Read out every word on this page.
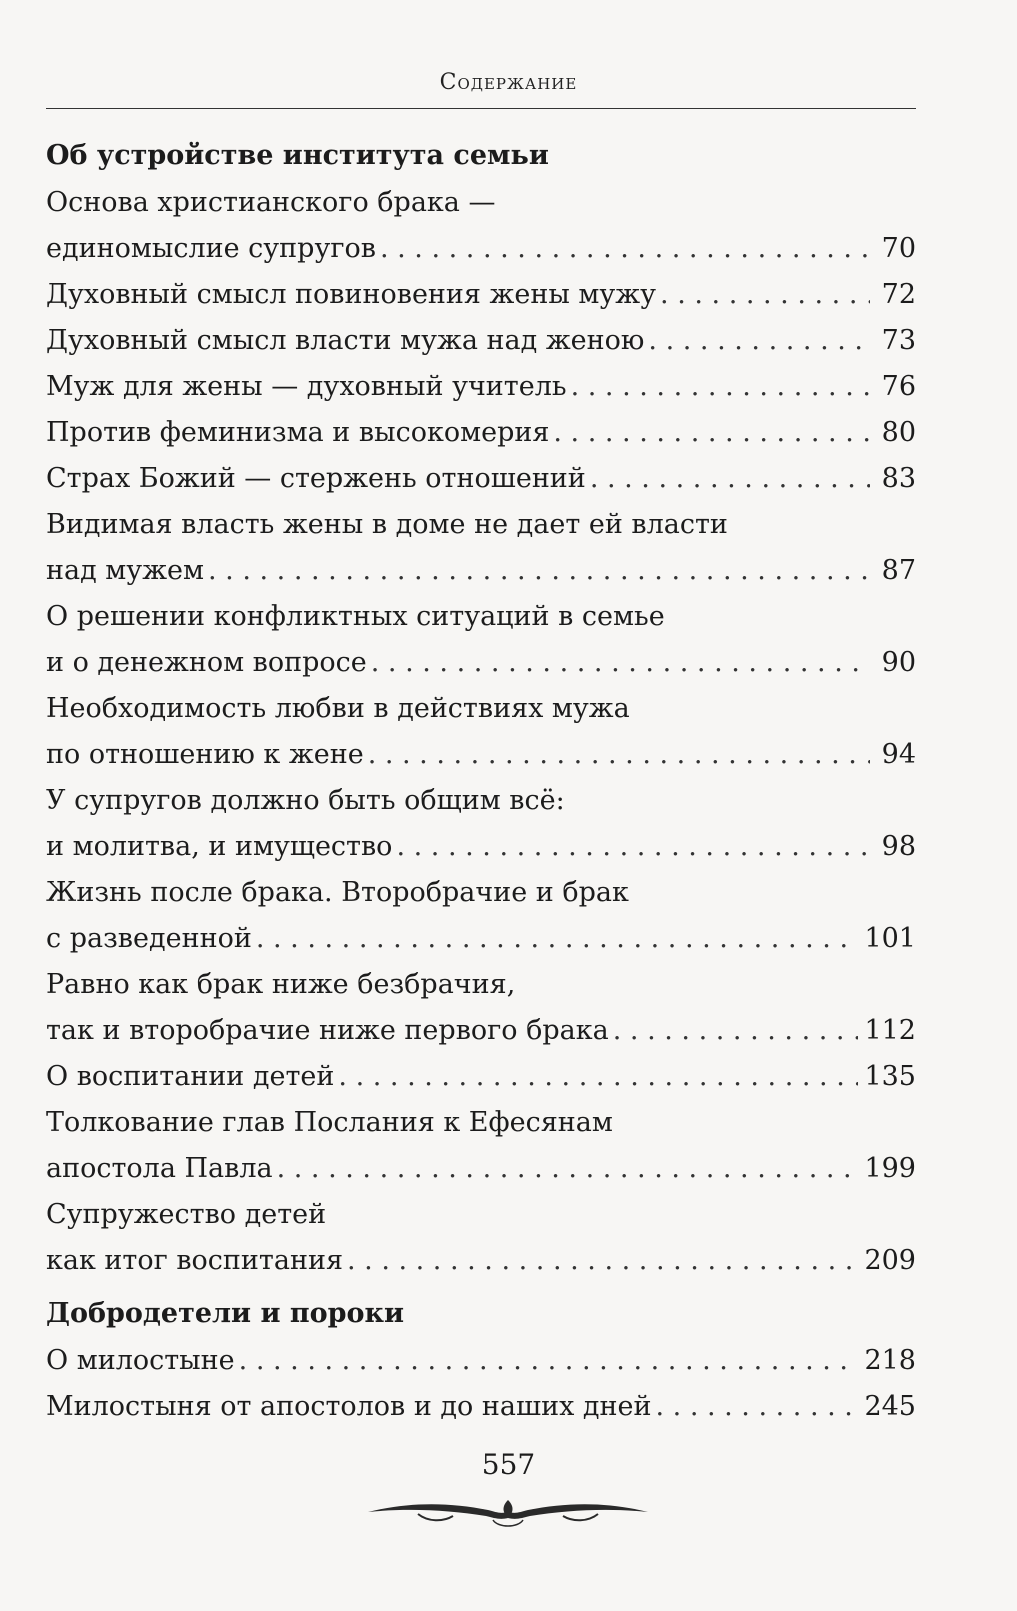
Содержание
Об устройстве института семьи
Основа христианского брака —
единомыслие супругов . . .	70
Духовный смысл повиновения жены мужу . . .	72
Духовный смысл власти мужа над женою . . .	73
Муж для жены — духовный учитель . . .	76
Против феминизма и высокомерия . . .	80
Страх Божий — стержень отношений . . .	83
Видимая власть жены в доме не дает ей власти
над мужем . . .	87
О решении конфликтных ситуаций в семье
и о денежном вопросе . . .	90
Необходимость любви в действиях мужа
по отношению к жене . . .	94
У супругов должно быть общим всё:
и молитва, и имущество . . .	98
Жизнь после брака. Второбрачие и брак
с разведенной . . .	101
Равно как брак ниже безбрачия,
так и второбрачие ниже первого брака . . .	112
О воспитании детей . . .	135
Толкование глав Послания к Ефесянам
апостола Павла . . .	199
Супружество детей
как итог воспитания . . .	209
Добродетели и пороки
О милостыне . . .	218
Милостыня от апостолов и до наших дней . . .	245
557
